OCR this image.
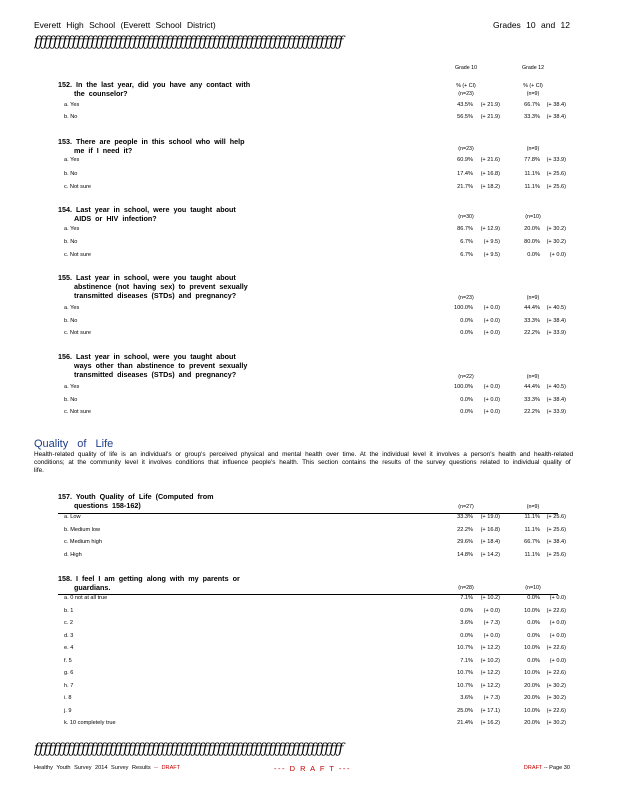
Everett High School (Everett School District)	Grades 10 and 12
ƒƒƒƒƒƒƒƒƒƒƒƒƒƒƒƒƒƒƒƒƒƒƒƒƒƒƒƒƒƒƒƒƒƒƒƒƒƒƒƒƒƒƒƒƒƒƒƒƒƒƒƒƒƒƒƒƒƒƒƒƒƒƒƒƒƒ
Grade 10	Grade 12
152. In the last year, did you have any contact with
the counselor?
% (+ CI)	% (+ CI)
(n=23)	(n=9)
a. Yes	43.5%	(+ 21.9)	66.7%	(+ 38.4)
b. No	56.5%	(+ 21.9)	33.3%	(+ 38.4)
153. There are people in this school who will help
me if I need it?	(n=23)	(n=9)
a. Yes	60.9%	(+ 21.6)	77.8%	(+ 33.9)
b. No	17.4%	(+ 16.8)	11.1%	(+ 25.6)
c. Not sure	21.7%	(+ 18.2)	11.1%	(+ 25.6)
154. Last year in school, were you taught about
AIDS or HIV infection?	(n=30)	(n=10)
a. Yes	86.7%	(+ 12.9)	20.0%	(+ 30.2)
b. No	6.7%	(+ 9.5)	80.0%	(+ 30.2)
c. Not sure	6.7%	(+ 9.5)	0.0%	(+ 0.0)
155. Last year in school, were you taught about
abstinence (not having sex) to prevent sexually
transmitted diseases (STDs) and pregnancy?	(n=23)	(n=9)
a. Yes	100.0%	(+ 0.0)	44.4%	(+ 40.5)
b. No	0.0%	(+ 0.0)	33.3%	(+ 38.4)
c. Not sure	0.0%	(+ 0.0)	22.2%	(+ 33.9)
156. Last year in school, were you taught about
ways other than abstinence to prevent sexually
transmitted diseases (STDs) and pregnancy?	(n=22)	(n=9)
a. Yes	100.0%	(+ 0.0)	44.4%	(+ 40.5)
b. No	0.0%	(+ 0.0)	33.3%	(+ 38.4)
c. Not sure	0.0%	(+ 0.0)	22.2%	(+ 33.9)
Quality of Life
Health-related quality of life is an individual's or group's perceived physical and mental health over time. At the individual level it involves a person's health and health-related conditions; at the community level it involves conditions that influence people's health. This section contains the results of the survey questions related to individual quality of life.
157. Youth Quality of Life (Computed from
questions 158-162)	(n=27)	(n=9)
a. Low	33.3%	(+ 19.0)	11.1%	(+ 25.6)
b. Medium low	22.2%	(+ 16.8)	11.1%	(+ 25.6)
c. Medium high	29.6%	(+ 18.4)	66.7%	(+ 38.4)
d. High	14.8%	(+ 14.2)	11.1%	(+ 25.6)
158. I feel I am getting along with my parents or
guardians.	(n=28)	(n=10)
a. 0 not at all true	7.1%	(+ 10.2)	0.0%	(+ 0.0)
b. 1	0.0%	(+ 0.0)	10.0%	(+ 22.6)
c. 2	3.6%	(+ 7.3)	0.0%	(+ 0.0)
d. 3	0.0%	(+ 0.0)	0.0%	(+ 0.0)
e. 4	10.7%	(+ 12.2)	10.0%	(+ 22.6)
f. 5	7.1%	(+ 10.2)	0.0%	(+ 0.0)
g. 6	10.7%	(+ 12.2)	10.0%	(+ 22.6)
h. 7	10.7%	(+ 12.2)	20.0%	(+ 30.2)
i. 8	3.6%	(+ 7.3)	20.0%	(+ 30.2)
j. 9	25.0%	(+ 17.1)	10.0%	(+ 22.6)
k. 10 completely true	21.4%	(+ 16.2)	20.0%	(+ 30.2)
ƒƒƒƒƒƒƒƒƒƒƒƒƒƒƒƒƒƒƒƒƒƒƒƒƒƒƒƒƒƒƒƒƒƒƒƒƒƒƒƒƒƒƒƒƒƒƒƒƒƒƒƒƒƒƒƒƒƒƒƒƒƒƒƒƒƒ
Healthy Youth Survey 2014 Survey Results -- DRAFT	--- D R A F T ---	DRAFT -- Page 30
